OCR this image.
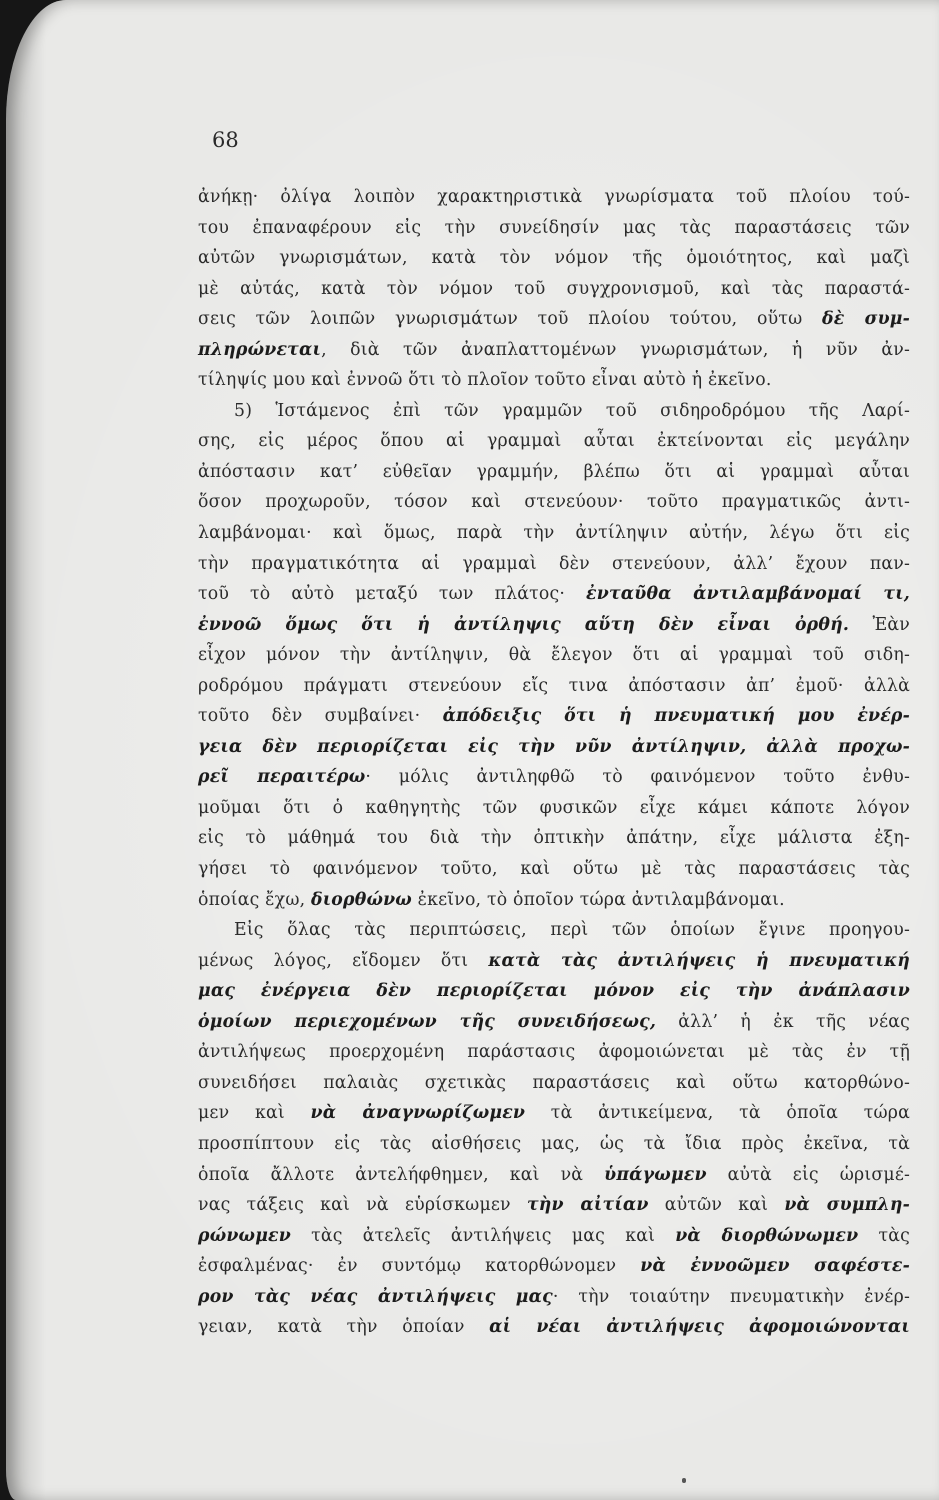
68

ἀνήκῃ· ὀλίγα λοιπὸν χαρακτηριστικὰ γνωρίσματα τοῦ πλοίου τού-
του ἐπαναφέρουν εἰς τὴν συνείδησίν μας τὰς παραστάσεις τῶν
αὐτῶν γνωρισμάτων, κατὰ τὸν νόμον τῆς ὁμοιότητος, καὶ μαζὶ
μὲ αὐτάς, κατὰ τὸν νόμον τοῦ συγχρονισμοῦ, καὶ τὰς παραστά-
σεις τῶν λοιπῶν γνωρισμάτων τοῦ πλοίου τούτου, οὕτω δὲ συμ-
πληρώνεται, διὰ τῶν ἀναπλαττομένων γνωρισμάτων, ἡ νῦν ἀν-
τίληψίς μου καὶ ἐννοῶ ὅτι τὸ πλοῖον τοῦτο εἶναι αὐτὸ ἡ ἐκεῖνο.
5) Ἱστάμενος ἐπὶ τῶν γραμμῶν τοῦ σιδηροδρόμου τῆς Λαρί-
σης, εἰς μέρος ὅπου αἱ γραμμαὶ αὗται ἐκτείνονται εἰς μεγάλην
ἀπόστασιν κατ’ εὐθεῖαν γραμμήν, βλέπω ὅτι αἱ γραμμαὶ αὗται
ὅσον προχωροῦν, τόσον καὶ στενεύουν· τοῦτο πραγματικῶς ἀντι-
λαμβάνομαι· καὶ ὅμως, παρὰ τὴν ἀντίληψιν αὐτήν, λέγω ὅτι εἰς
τὴν πραγματικότητα αἱ γραμμαὶ δὲν στενεύουν, ἀλλ’ ἔχουν παν-
τοῦ τὸ αὐτὸ μεταξύ των πλάτος· ἐνταῦθα ἀντιλαμβάνομαί τι,
ἐννοῶ ὅμως ὅτι ἡ ἀντίληψις αὕτη δὲν εἶναι ὀρθή. Ἐὰν
εἶχον μόνον τὴν ἀντίληψιν, θὰ ἔλεγον ὅτι αἱ γραμμαὶ τοῦ σιδη-
ροδρόμου πράγματι στενεύουν εἴς τινα ἀπόστασιν ἀπ’ ἐμοῦ· ἀλλὰ
τοῦτο δὲν συμβαίνει· ἀπόδειξις ὅτι ἡ πνευματική μου ἐνέρ-
γεια δὲν περιορίζεται εἰς τὴν νῦν ἀντίληψιν, ἀλλὰ προχω-
ρεῖ περαιτέρω· μόλις ἀντιληφθῶ τὸ φαινόμενον τοῦτο ἐνθυ-
μοῦμαι ὅτι ὁ καθηγητὴς τῶν φυσικῶν εἶχε κάμει κάποτε λόγον
εἰς τὸ μάθημά του διὰ τὴν ὀπτικὴν ἀπάτην, εἶχε μάλιστα ἐξη-
γήσει τὸ φαινόμενον τοῦτο, καὶ οὕτω μὲ τὰς παραστάσεις τὰς
ὁποίας ἔχω, διορθώνω ἐκεῖνο, τὸ ὁποῖον τώρα ἀντιλαμβάνομαι.
Εἰς ὅλας τὰς περιπτώσεις, περὶ τῶν ὁποίων ἔγινε προηγου-
μένως λόγος, εἴδομεν ὅτι κατὰ τὰς ἀντιλήψεις ἡ πνευματική
μας ἐνέργεια δὲν περιορίζεται μόνον εἰς τὴν ἀνάπλασιν
ὁμοίων περιεχομένων τῆς συνειδήσεως, ἀλλ’ ἡ ἐκ τῆς νέας
ἀντιλήψεως προερχομένη παράστασις ἀφομοιώνεται μὲ τὰς ἐν τῇ
συνειδήσει παλαιὰς σχετικὰς παραστάσεις καὶ οὕτω κατορθώνο-
μεν καὶ νὰ ἀναγνωρίζωμεν τὰ ἀντικείμενα, τὰ ὁποῖα τώρα
προσπίπτουν εἰς τὰς αἰσθήσεις μας, ὡς τὰ ἴδια πρὸς ἐκεῖνα, τὰ
ὁποῖα ἄλλοτε ἀντελήφθημεν, καὶ νὰ ὑπάγωμεν αὐτὰ εἰς ὡρισμέ-
νας τάξεις καὶ νὰ εὑρίσκωμεν τὴν αἰτίαν αὐτῶν καὶ νὰ συμπλη-
ρώνωμεν τὰς ἀτελεῖς ἀντιλήψεις μας καὶ νὰ διορθώνωμεν τὰς
ἐσφαλμένας· ἐν συντόμῳ κατορθώνομεν νὰ ἐννοῶμεν σαφέστε-
ρον τὰς νέας ἀντιλήψεις μας· τὴν τοιαύτην πνευματικὴν ἐνέρ-
γειαν, κατὰ τὴν ὁποίαν αἱ νέαι ἀντιλήψεις ἀφομοιώνονται
